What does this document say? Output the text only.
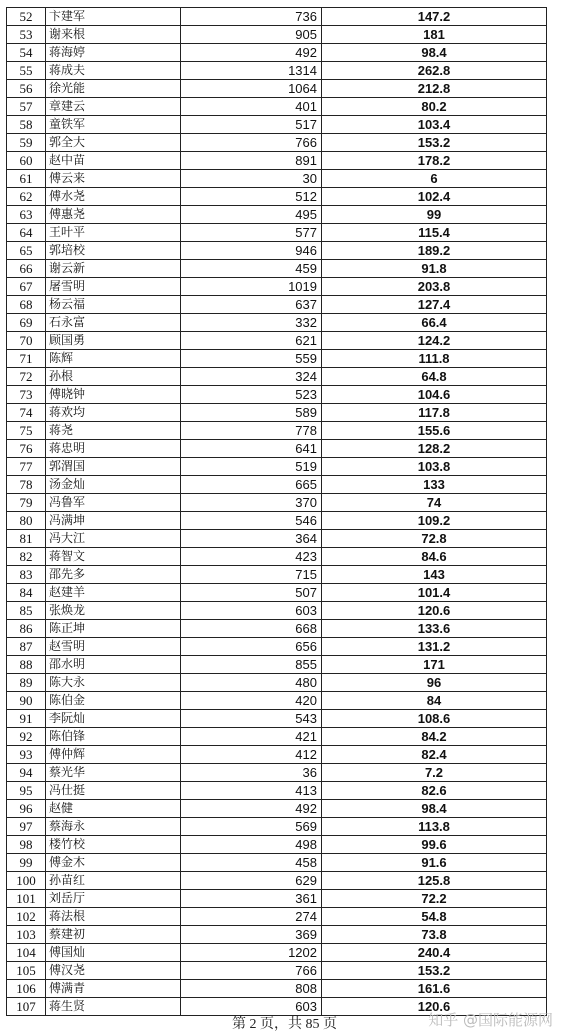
52	卞建军	736	147.2
53	谢来根	905	181
54	蒋海婷	492	98.4
55	蒋成夫	1314	262.8
56	徐光能	1064	212.8
57	章建云	401	80.2
58	童铁军	517	103.4
59	郭全大	766	153.2
60	赵中苗	891	178.2
61	傅云来	30	6
62	傅水尧	512	102.4
63	傅惠尧	495	99
64	王叶平	577	115.4
65	郭培校	946	189.2
66	谢云新	459	91.8
67	屠雪明	1019	203.8
68	杨云福	637	127.4
69	石永富	332	66.4
70	顾国勇	621	124.2
71	陈辉	559	111.8
72	孙根	324	64.8
73	傅晓钟	523	104.6
74	蒋欢均	589	117.8
75	蒋尧	778	155.6
76	蒋忠明	641	128.2
77	郭渭国	519	103.8
78	汤金灿	665	133
79	冯鲁军	370	74
80	冯满坤	546	109.2
81	冯大江	364	72.8
82	蒋智文	423	84.6
83	邵先多	715	143
84	赵建羊	507	101.4
85	张焕龙	603	120.6
86	陈正坤	668	133.6
87	赵雪明	656	131.2
88	邵水明	855	171
89	陈大永	480	96
90	陈伯金	420	84
91	李阮灿	543	108.6
92	陈伯锋	421	84.2
93	傅仲辉	412	82.4
94	蔡光华	36	7.2
95	冯仕挺	413	82.6
96	赵健	492	98.4
97	蔡海永	569	113.8
98	楼竹校	498	99.6
99	傅金木	458	91.6
100	孙苗红	629	125.8
101	刘岳厅	361	72.2
102	蒋法根	274	54.8
103	蔡建初	369	73.8
104	傅国灿	1202	240.4
105	傅汉尧	766	153.2
106	傅满青	808	161.6
107	蒋生贤	603	120.6
第 2 页，共 85 页	知乎 @国际能源网
